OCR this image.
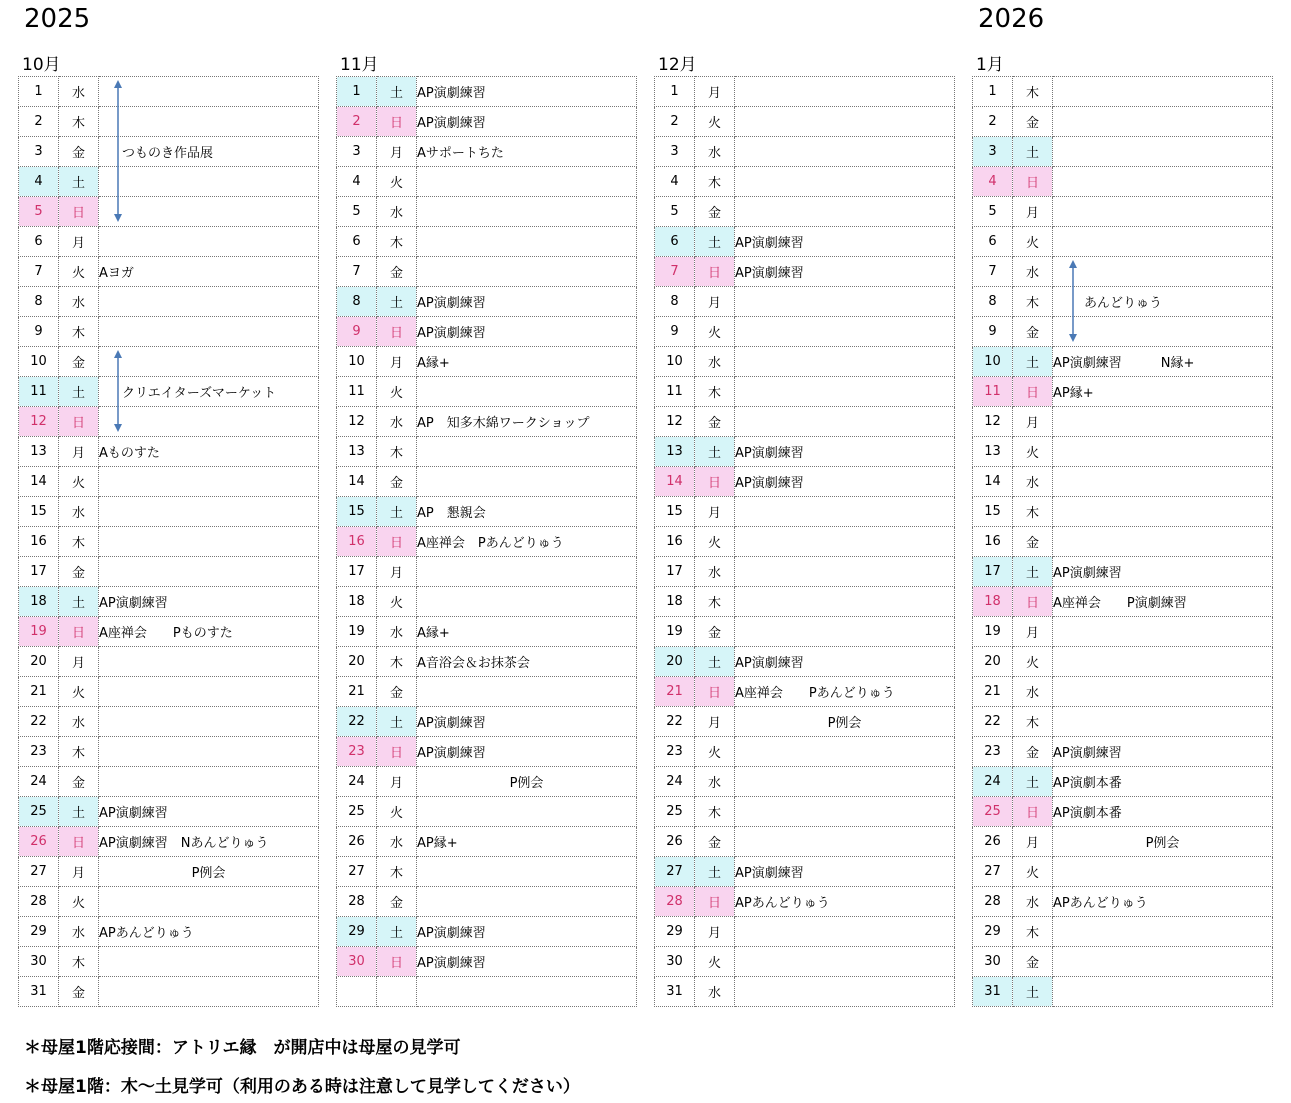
2025
10月
1	水	
2	木	
3	金	
4	土	
5	日	
6	月	
7	火	Aヨガ
8	水	
9	木	
10	金	
11	土	
12	日	
13	月	Aものすた
14	火	
15	水	
16	木	
17	金	
18	土	AP演劇練習
19	日	A座禅会　　Pものすた
20	月	
21	火	
22	水	
23	木	
24	金	
25	土	AP演劇練習
26	日	AP演劇練習　Nあんどりゅう
27	月	P例会
28	火	
29	水	APあんどりゅう
30	木	
31	金	
つものき作品展
クリエイターズマーケット
11月
1	土	AP演劇練習
2	日	AP演劇練習
3	月	Aサポートちた
4	火	
5	水	
6	木	
7	金	
8	土	AP演劇練習
9	日	AP演劇練習
10	月	A縁+
11	火	
12	水	AP　知多木綿ワークショップ
13	木	
14	金	
15	土	AP　懇親会
16	日	A座禅会　Pあんどりゅう
17	月	
18	火	
19	水	A縁+
20	木	A音浴会＆お抹茶会
21	金	
22	土	AP演劇練習
23	日	AP演劇練習
24	月	P例会
25	火	
26	水	AP縁+
27	木	
28	金	
29	土	AP演劇練習
30	日	AP演劇練習

12月
1	月	
2	火	
3	水	
4	木	
5	金	
6	土	AP演劇練習
7	日	AP演劇練習
8	月	
9	火	
10	水	
11	木	
12	金	
13	土	AP演劇練習
14	日	AP演劇練習
15	月	
16	火	
17	水	
18	木	
19	金	
20	土	AP演劇練習
21	日	A座禅会　　Pあんどりゅう
22	月	P例会
23	火	
24	水	
25	木	
26	金	
27	土	AP演劇練習
28	日	APあんどりゅう
29	月	
30	火	
31	水	
2026
1月
1	木	
2	金	
3	土	
4	日	
5	月	
6	火	
7	水	
8	木	
9	金	
10	土	AP演劇練習　　　N縁+
11	日	AP縁+
12	月	
13	火	
14	水	
15	木	
16	金	
17	土	AP演劇練習
18	日	A座禅会　　P演劇練習
19	月	
20	火	
21	水	
22	木	
23	金	AP演劇練習
24	土	AP演劇本番
25	日	AP演劇本番
26	月	P例会
27	火	
28	水	APあんどりゅう
29	木	
30	金	
31	土	
あんどりゅう
＊母屋1階応接間：アトリエ縁　が開店中は母屋の見学可
＊母屋1階：木～土見学可（利用のある時は注意して見学してください）
